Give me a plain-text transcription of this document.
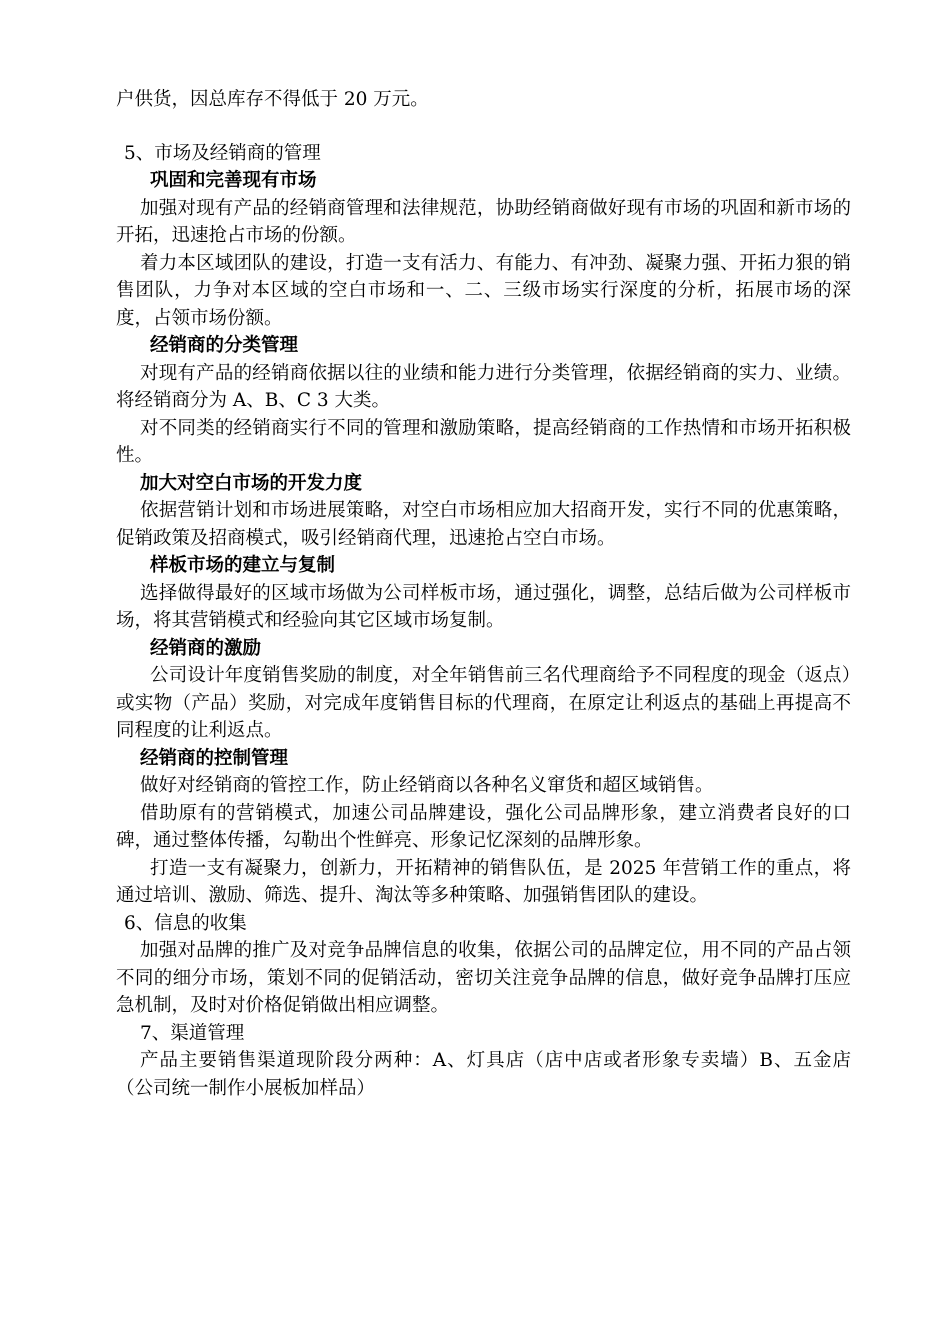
户供货，因总库存不得低于 20 万元。

5、市场及经销商的管理

巩固和完善现有市场

加强对现有产品的经销商管理和法律规范，协助经销商做好现有市场的巩固和新市场的开拓，迅速抢占市场的份额。

着力本区域团队的建设，打造一支有活力、有能力、有冲劲、凝聚力强、开拓力狠的销售团队，力争对本区域的空白市场和一、二、三级市场实行深度的分析，拓展市场的深度，占领市场份额。

经销商的分类管理

对现有产品的经销商依据以往的业绩和能力进行分类管理，依据经销商的实力、业绩。将经销商分为 A、B、C 3 大类。

对不同类的经销商实行不同的管理和激励策略，提高经销商的工作热情和市场开拓积极性。

加大对空白市场的开发力度

依据营销计划和市场进展策略，对空白市场相应加大招商开发，实行不同的优惠策略，促销政策及招商模式，吸引经销商代理，迅速抢占空白市场。

样板市场的建立与复制

选择做得最好的区域市场做为公司样板市场，通过强化，调整，总结后做为公司样板市场，将其营销模式和经验向其它区域市场复制。

经销商的激励

公司设计年度销售奖励的制度，对全年销售前三名代理商给予不同程度的现金（返点）或实物（产品）奖励，对完成年度销售目标的代理商，在原定让利返点的基础上再提高不同程度的让利返点。

经销商的控制管理

做好对经销商的管控工作，防止经销商以各种名义窜货和超区域销售。

借助原有的营销模式，加速公司品牌建设，强化公司品牌形象，建立消费者良好的口碑，通过整体传播，勾勒出个性鲜亮、形象记忆深刻的品牌形象。

打造一支有凝聚力，创新力，开拓精神的销售队伍，是 2025 年营销工作的重点，将通过培训、激励、筛选、提升、淘汰等多种策略、加强销售团队的建设。

6、信息的收集

加强对品牌的推广及对竞争品牌信息的收集，依据公司的品牌定位，用不同的产品占领不同的细分市场，策划不同的促销活动，密切关注竞争品牌的信息，做好竞争品牌打压应急机制，及时对价格促销做出相应调整。

7、渠道管理

产品主要销售渠道现阶段分两种：A、灯具店（店中店或者形象专卖墙）B、五金店（公司统一制作小展板加样品）
